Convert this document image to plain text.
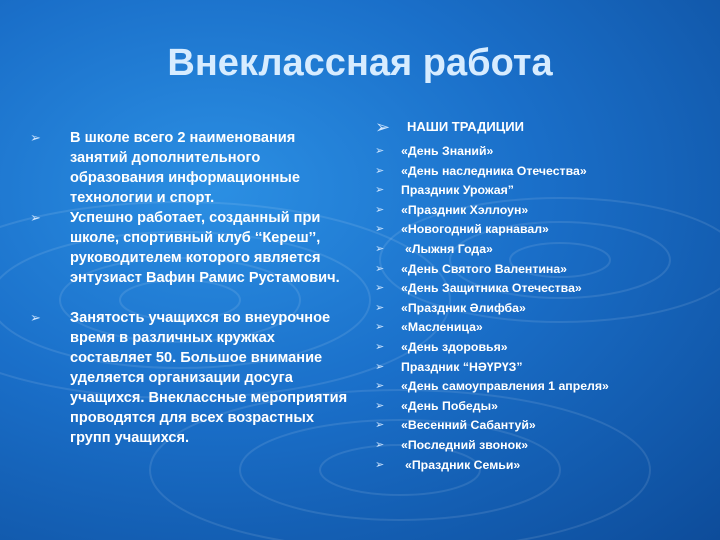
Внеклассная работа
➢ В школе всего 2 наименования занятий дополнительного образования информационные технологии и спорт.
➢ Успешно работает, созданный при школе, спортивный клуб ‘‘Кереш’’, руководителем которого является энтузиаст Вафин Рамис Рустамович.
➢ Занятость учащихся во внеурочное время в различных кружках составляет 50. Большое внимание уделяется организации досуга учащихся. Внеклассные мероприятия проводятся для всех возрастных групп учащихся.
➢ НАШИ ТРАДИЦИИ
➢ «День Знаний»
➢ «День наследника Отечества»
➢ Праздник Урожая”
➢ «Праздник Хэллоун»
➢ «Новогодний карнавал»
➢ «Лыжня Года»
➢ «День Святого Валентина»
➢ «День Защитника Отечества»
➢ «Праздник Әлифба»
➢ «Масленица»
➢ «День здоровья»
➢ Праздник “НӘҮРҮЗ”
➢ «День самоуправления 1 апреля»
➢ «День Победы»
➢ «Весенний Сабантуй»
➢ «Последний звонок»
➢ «Праздник Семьи»
